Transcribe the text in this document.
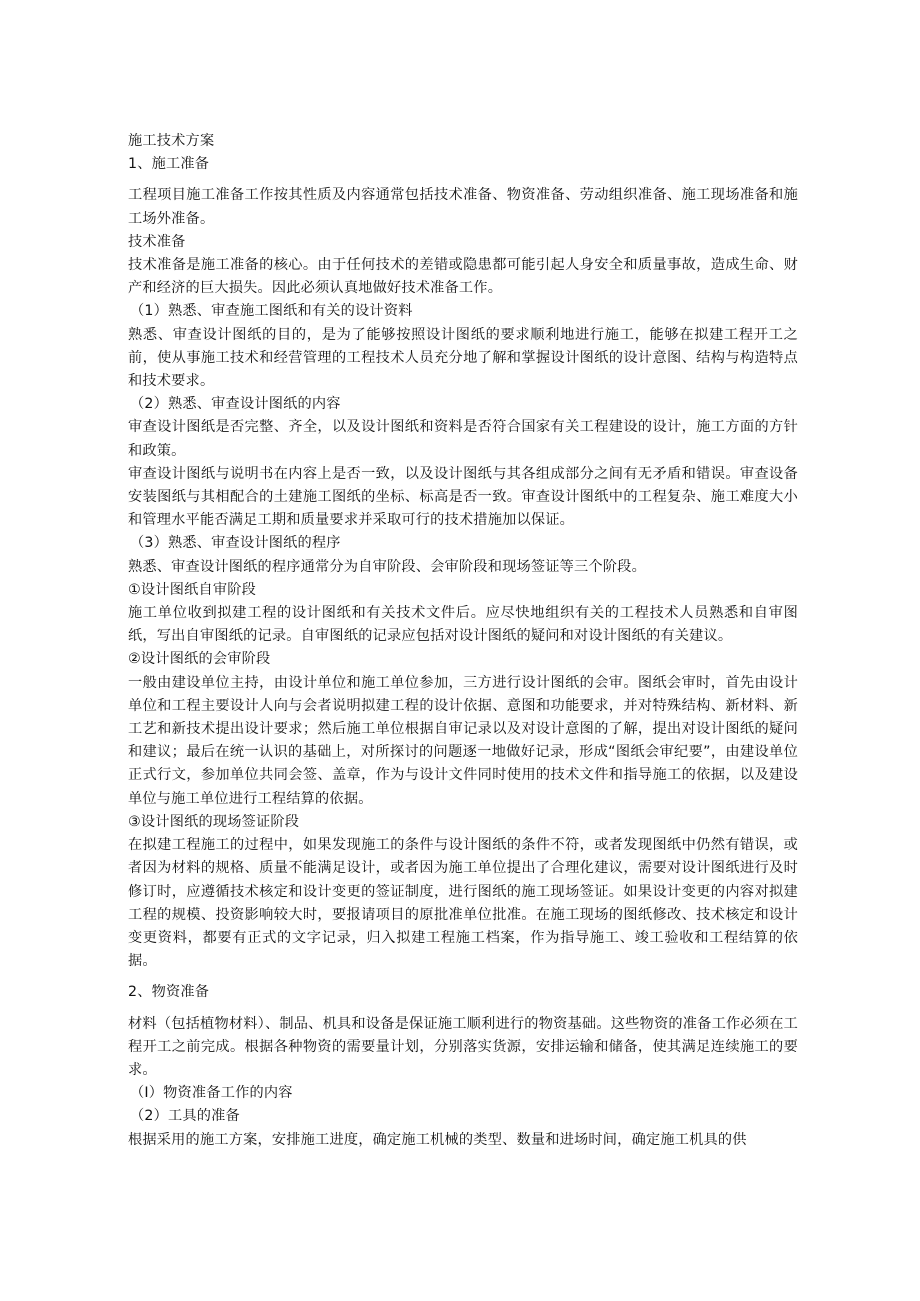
施工技术方案

1、施工准备

工程项目施工准备工作按其性质及内容通常包括技术准备、物资准备、劳动组织准备、施工现场准备和施工场外准备。

技术准备

技术准备是施工准备的核心。由于任何技术的差错或隐患都可能引起人身安全和质量事故，造成生命、财产和经济的巨大损失。因此必须认真地做好技术准备工作。

（1）熟悉、审查施工图纸和有关的设计资料

熟悉、审查设计图纸的目的，是为了能够按照设计图纸的要求顺利地进行施工，能够在拟建工程开工之前，使从事施工技术和经营管理的工程技术人员充分地了解和掌握设计图纸的设计意图、结构与构造特点和技术要求。

（2）熟悉、审查设计图纸的内容

审查设计图纸是否完整、齐全，以及设计图纸和资料是否符合国家有关工程建设的设计，施工方面的方针和政策。

审查设计图纸与说明书在内容上是否一致，以及设计图纸与其各组成部分之间有无矛盾和错误。审查设备安装图纸与其相配合的土建施工图纸的坐标、标高是否一致。审查设计图纸中的工程复杂、施工难度大小和管理水平能否满足工期和质量要求并采取可行的技术措施加以保证。

（3）熟悉、审查设计图纸的程序

熟悉、审查设计图纸的程序通常分为自审阶段、会审阶段和现场签证等三个阶段。

①设计图纸自审阶段

施工单位收到拟建工程的设计图纸和有关技术文件后。应尽快地组织有关的工程技术人员熟悉和自审图纸，写出自审图纸的记录。自审图纸的记录应包括对设计图纸的疑问和对设计图纸的有关建议。

②设计图纸的会审阶段

一般由建设单位主持，由设计单位和施工单位参加，三方进行设计图纸的会审。图纸会审时，首先由设计单位和工程主要设计人向与会者说明拟建工程的设计依据、意图和功能要求，并对特殊结构、新材料、新工艺和新技术提出设计要求；然后施工单位根据自审记录以及对设计意图的了解，提出对设计图纸的疑问和建议；最后在统一认识的基础上，对所探讨的问题逐一地做好记录，形成“图纸会审纪要”，由建设单位正式行文，参加单位共同会签、盖章，作为与设计文件同时使用的技术文件和指导施工的依据，以及建设单位与施工单位进行工程结算的依据。

③设计图纸的现场签证阶段

在拟建工程施工的过程中，如果发现施工的条件与设计图纸的条件不符，或者发现图纸中仍然有错误，或者因为材料的规格、质量不能满足设计，或者因为施工单位提出了合理化建议，需要对设计图纸进行及时修订时，应遵循技术核定和设计变更的签证制度，进行图纸的施工现场签证。如果设计变更的内容对拟建工程的规模、投资影响较大时，要报请项目的原批准单位批准。在施工现场的图纸修改、技术核定和设计变更资料，都要有正式的文字记录，归入拟建工程施工档案，作为指导施工、竣工验收和工程结算的依据。

2、物资准备

材料（包括植物材料）、制品、机具和设备是保证施工顺利进行的物资基础。这些物资的准备工作必须在工程开工之前完成。根据各种物资的需要量计划，分别落实货源，安排运输和储备，使其满足连续施工的要求。

（I）物资准备工作的内容

（2）工具的准备

根据采用的施工方案，安排施工进度，确定施工机械的类型、数量和进场时间，确定施工机具的供
